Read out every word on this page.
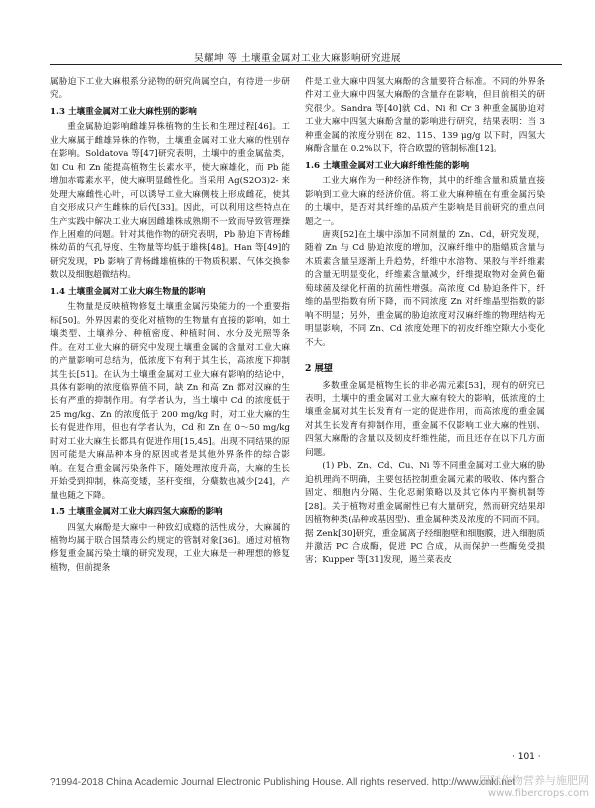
吴耀坤 等 土壤重金属对工业大麻影响研究进展

属胁迫下工业大麻根系分泌物的研究尚属空白，有待进一步研究。

1.3 土壤重金属对工业大麻性别的影响

重金属胁迫影响雌雄异株植物的生长和生理过程[46]。工业大麻属于雌雄异株的作物，土壤重金属对工业大麻的性别存在影响。Soldatova 等[47]研究表明，土壤中的重金属盐类，如 Cu 和 Zn 能提高植物生长素水平，使大麻雄化，而 Pb 能增加赤霉素水平，使大麻明显雌性化。当采用 Ag(S2O3)2- 来处理大麻雌性心叶，可以诱导工业大麻侧枝上形成雌花，使其自交形成只产生雌株的后代[33]。因此，可以利用这些特点在生产实践中解决工业大麻因雌雄株成熟期不一致而导致管理操作上困难的问题。针对其他作物的研究表明，Pb 胁迫下青杨雌株幼苗的气孔导度、生物量等均低于雄株[48]。Han 等[49]的研究发现，Pb 影响了青杨雌雄植株的干物质积累、气体交换参数以及细胞超微结构。

1.4 土壤重金属对工业大麻生物量的影响

生物量是反映植物修复土壤重金属污染能力的一个重要指标[50]。外界因素的变化对植物的生物量有直接的影响，如土壤类型、土壤养分、种植密度、种植时间、水分及光照等条件。在对工业大麻的研究中发现土壤重金属的含量对工业大麻的产量影响可总结为，低浓度下有利于其生长，高浓度下抑制其生长[51]。在认为土壤重金属对工业大麻有影响的结论中，具体有影响的浓度临界值不同，缺 Zn 和高 Zn 都对汉麻的生长有严重的抑制作用。有学者认为，当土壤中 Cd 的浓度低于 25 mg/kg、Zn 的浓度低于 200 mg/kg 时，对工业大麻的生长有促进作用，但也有学者认为，Cd 和 Zn 在 0～50 mg/kg 时对工业大麻生长都具有促进作用[15,45]。出现不同结果的原因可能是大麻品种本身的原因或者是其他外界条件的综合影响。在复合重金属污染条件下，随处理浓度升高，大麻的生长开始受到抑制，株高变矮，茎秆变细，分蘖数也减少[24]，产量也随之下降。

1.5 土壤重金属对工业大麻四氢大麻酚的影响

四氢大麻酚是大麻中一种致幻成瘾的活性成分，大麻属的植物均属于联合国禁毒公约规定的管制对象[36]。通过对植物修复重金属污染土壤的研究发现，工业大麻是一种理想的修复植物，但前提条

件是工业大麻中四氢大麻酚的含量要符合标准。不同的外界条件对工业大麻中四氢大麻酚的含量存在影响，但目前相关的研究很少。Sandra 等[40]就 Cd、Ni 和 Cr 3 种重金属胁迫对工业大麻中四氢大麻酚含量的影响进行研究，结果表明：当 3 种重金属的浓度分别在 82、115、139 μg/g 以下时，四氢大麻酚含量在 0.2%以下，符合欧盟的管制标准[12]。

1.6 土壤重金属对工业大麻纤维性能的影响

工业大麻作为一种经济作物，其中的纤维含量和质量直接影响到工业大麻的经济价值。将工业大麻种植在有重金属污染的土壤中，是否对其纤维的品质产生影响是目前研究的重点问题之一。

唐爽[52]在土壤中添加不同剂量的 Zn、Cd，研究发现，随着 Zn 与 Cd 胁迫浓度的增加，汉麻纤维中的脂蜡质含量与木质素含量呈逐渐上升趋势，纤维中水溶物、果胶与半纤维素的含量无明显变化，纤维素含量减少，纤维提取物对金黄色葡萄球菌及绿化杆菌的抗菌性增强。高浓度 Cd 胁迫条件下，纤维的晶型指数有所下降，而不同浓度 Zn 对纤维晶型指数的影响不明显；另外，重金属的胁迫浓度对汉麻纤维的物理结构无明显影响，不同 Zn、Cd 浓度处理下的初皮纤维空隙大小变化不大。

2 展望

多数重金属是植物生长的非必需元素[53]，现有的研究已表明，土壤中的重金属对工业大麻有较大的影响，低浓度的土壤重金属对其生长发育有一定的促进作用，而高浓度的重金属对其生长发育有抑制作用，重金属不仅影响工业大麻的性别、四氢大麻酚的含量以及韧皮纤维性能，而且还存在以下几方面问题。

(1) Pb、Zn、Cd、Cu、Ni 等不同重金属对工业大麻的胁迫机理尚不明确，主要包括控制重金属元素的吸收、体内螯合固定、细胞内分隔、生化忍耐策略以及其它体内平衡机制等[28]。关于植物对重金属耐性已有大量研究，然而研究结果却因植物种类(品种或基因型)、重金属种类及浓度的不同而不同。据 Zenk[30]研究，重金属离子经细胞壁和细胞膜，进入细胞质并激活 PC 合成酶，促进 PC 合成，从而保护一些酶免受损害；Kupper 等[31]发现，遏兰菜表皮

· 101 ·
?1994-2018 China Academic Journal Electronic Publishing House. All rights reserved. http://www.cnki.net
国际作物营养与施肥网
www.fibercrops.com
